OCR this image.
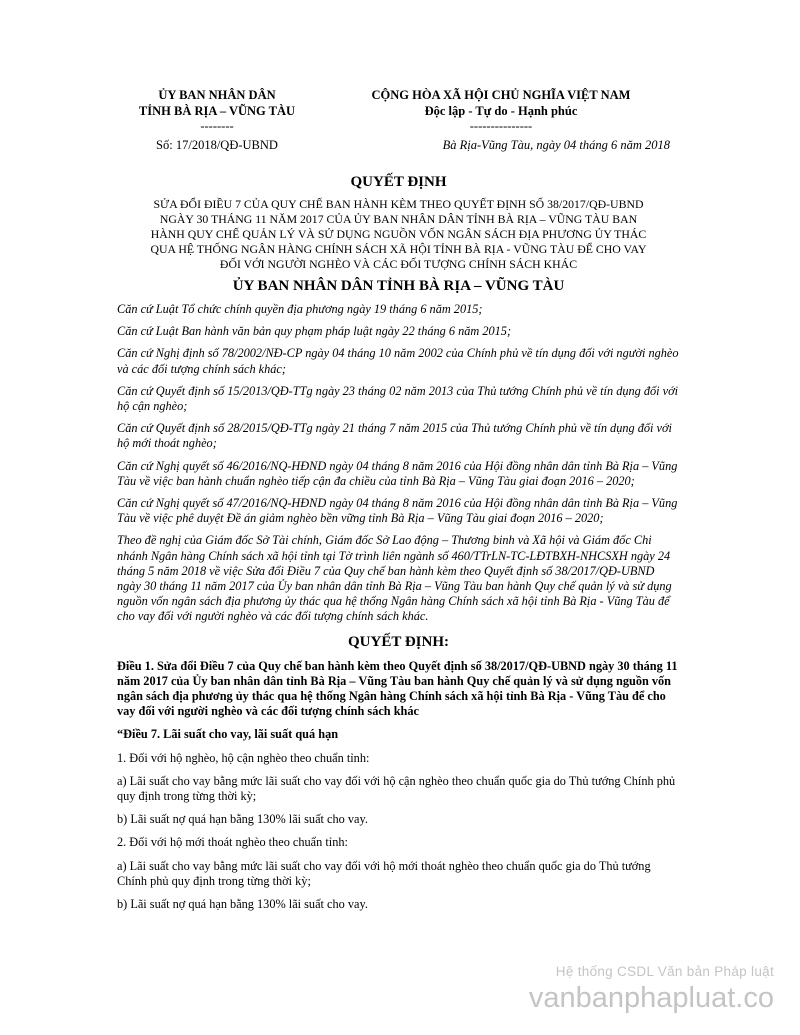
ỦY BAN NHÂN DÂN
TỈNH BÀ RỊA – VŨNG TÀU
--------
CỘNG HÒA XÃ HỘI CHỦ NGHĨA VIỆT NAM
Độc lập - Tự do - Hạnh phúc
---------------
Số: 17/2018/QĐ-UBND	Bà Rịa-Vũng Tàu, ngày 04 tháng 6 năm 2018
QUYẾT ĐỊNH
SỬA ĐỔI ĐIỀU 7 CỦA QUY CHẾ BAN HÀNH KÈM THEO QUYẾT ĐỊNH SỐ 38/2017/QĐ-UBND
NGÀY 30 THÁNG 11 NĂM 2017 CỦA ỦY BAN NHÂN DÂN TỈNH BÀ RỊA – VŨNG TÀU BAN
HÀNH QUY CHẾ QUẢN LÝ VÀ SỬ DỤNG NGUỒN VỐN NGÂN SÁCH ĐỊA PHƯƠNG ỦY THÁC
QUA HỆ THỐNG NGÂN HÀNG CHÍNH SÁCH XÃ HỘI TỈNH BÀ RỊA - VŨNG TÀU ĐỂ CHO VAY
ĐỐI VỚI NGƯỜI NGHÈO VÀ CÁC ĐỐI TƯỢNG CHÍNH SÁCH KHÁC
ỦY BAN NHÂN DÂN TỈNH BÀ RỊA – VŨNG TÀU

Căn cứ Luật Tổ chức chính quyền địa phương ngày 19 tháng 6 năm 2015;

Căn cứ Luật Ban hành văn bản quy phạm pháp luật ngày 22 tháng 6 năm 2015;

Căn cứ Nghị định số 78/2002/NĐ-CP ngày 04 tháng 10 năm 2002 của Chính phủ về tín dụng đối với người nghèo và các đối tượng chính sách khác;

Căn cứ Quyết định số 15/2013/QĐ-TTg ngày 23 tháng 02 năm 2013 của Thủ tướng Chính phủ về tín dụng đối với hộ cận nghèo;

Căn cứ Quyết định số 28/2015/QĐ-TTg ngày 21 tháng 7 năm 2015 của Thủ tướng Chính phủ về tín dụng đối với hộ mới thoát nghèo;

Căn cứ Nghị quyết số 46/2016/NQ-HĐND ngày 04 tháng 8 năm 2016 của Hội đồng nhân dân tỉnh Bà Rịa – Vũng Tàu về việc ban hành chuẩn nghèo tiếp cận đa chiều của tỉnh Bà Rịa – Vũng Tàu giai đoạn 2016 – 2020;

Căn cứ Nghị quyết số 47/2016/NQ-HĐND ngày 04 tháng 8 năm 2016 của Hội đồng nhân dân tỉnh Bà Rịa – Vũng Tàu về việc phê duyệt Đề án giảm nghèo bền vững tỉnh Bà Rịa – Vũng Tàu giai đoạn 2016 – 2020;

Theo đề nghị của Giám đốc Sở Tài chính, Giám đốc Sở Lao động – Thương binh và Xã hội và Giám đốc Chi nhánh Ngân hàng Chính sách xã hội tỉnh tại Tờ trình liên ngành số 460/TTrLN-TC-LĐTBXH-NHCSXH ngày 24 tháng 5 năm 2018 về việc Sửa đổi Điều 7 của Quy chế ban hành kèm theo Quyết định số 38/2017/QĐ-UBND ngày 30 tháng 11 năm 2017 của Ủy ban nhân dân tỉnh Bà Rịa – Vũng Tàu ban hành Quy chế quản lý và sử dụng nguồn vốn ngân sách địa phương ủy thác qua hệ thống Ngân hàng Chính sách xã hội tỉnh Bà Rịa - Vũng Tàu để cho vay đối với người nghèo và các đối tượng chính sách khác.

QUYẾT ĐỊNH:
Điều 1. Sửa đổi Điều 7 của Quy chế ban hành kèm theo Quyết định số 38/2017/QĐ-UBND ngày 30 tháng 11 năm 2017 của Ủy ban nhân dân tỉnh Bà Rịa – Vũng Tàu ban hành Quy chế quản lý và sử dụng nguồn vốn ngân sách địa phương ủy thác qua hệ thống Ngân hàng Chính sách xã hội tỉnh Bà Rịa - Vũng Tàu để cho vay đối với người nghèo và các đối tượng chính sách khác

“Điều 7. Lãi suất cho vay, lãi suất quá hạn

1. Đối với hộ nghèo, hộ cận nghèo theo chuẩn tỉnh:

a) Lãi suất cho vay bằng mức lãi suất cho vay đối với hộ cận nghèo theo chuẩn quốc gia do Thủ tướng Chính phủ quy định trong từng thời kỳ;

b) Lãi suất nợ quá hạn bằng 130% lãi suất cho vay.

2. Đối với hộ mới thoát nghèo theo chuẩn tỉnh:

a) Lãi suất cho vay bằng mức lãi suất cho vay đối với hộ mới thoát nghèo theo chuẩn quốc gia do Thủ tướng Chính phủ quy định trong từng thời kỳ;

b) Lãi suất nợ quá hạn bằng 130% lãi suất cho vay.

Hệ thống CSDL Văn bản Pháp luật
vanbanphapluat.co
